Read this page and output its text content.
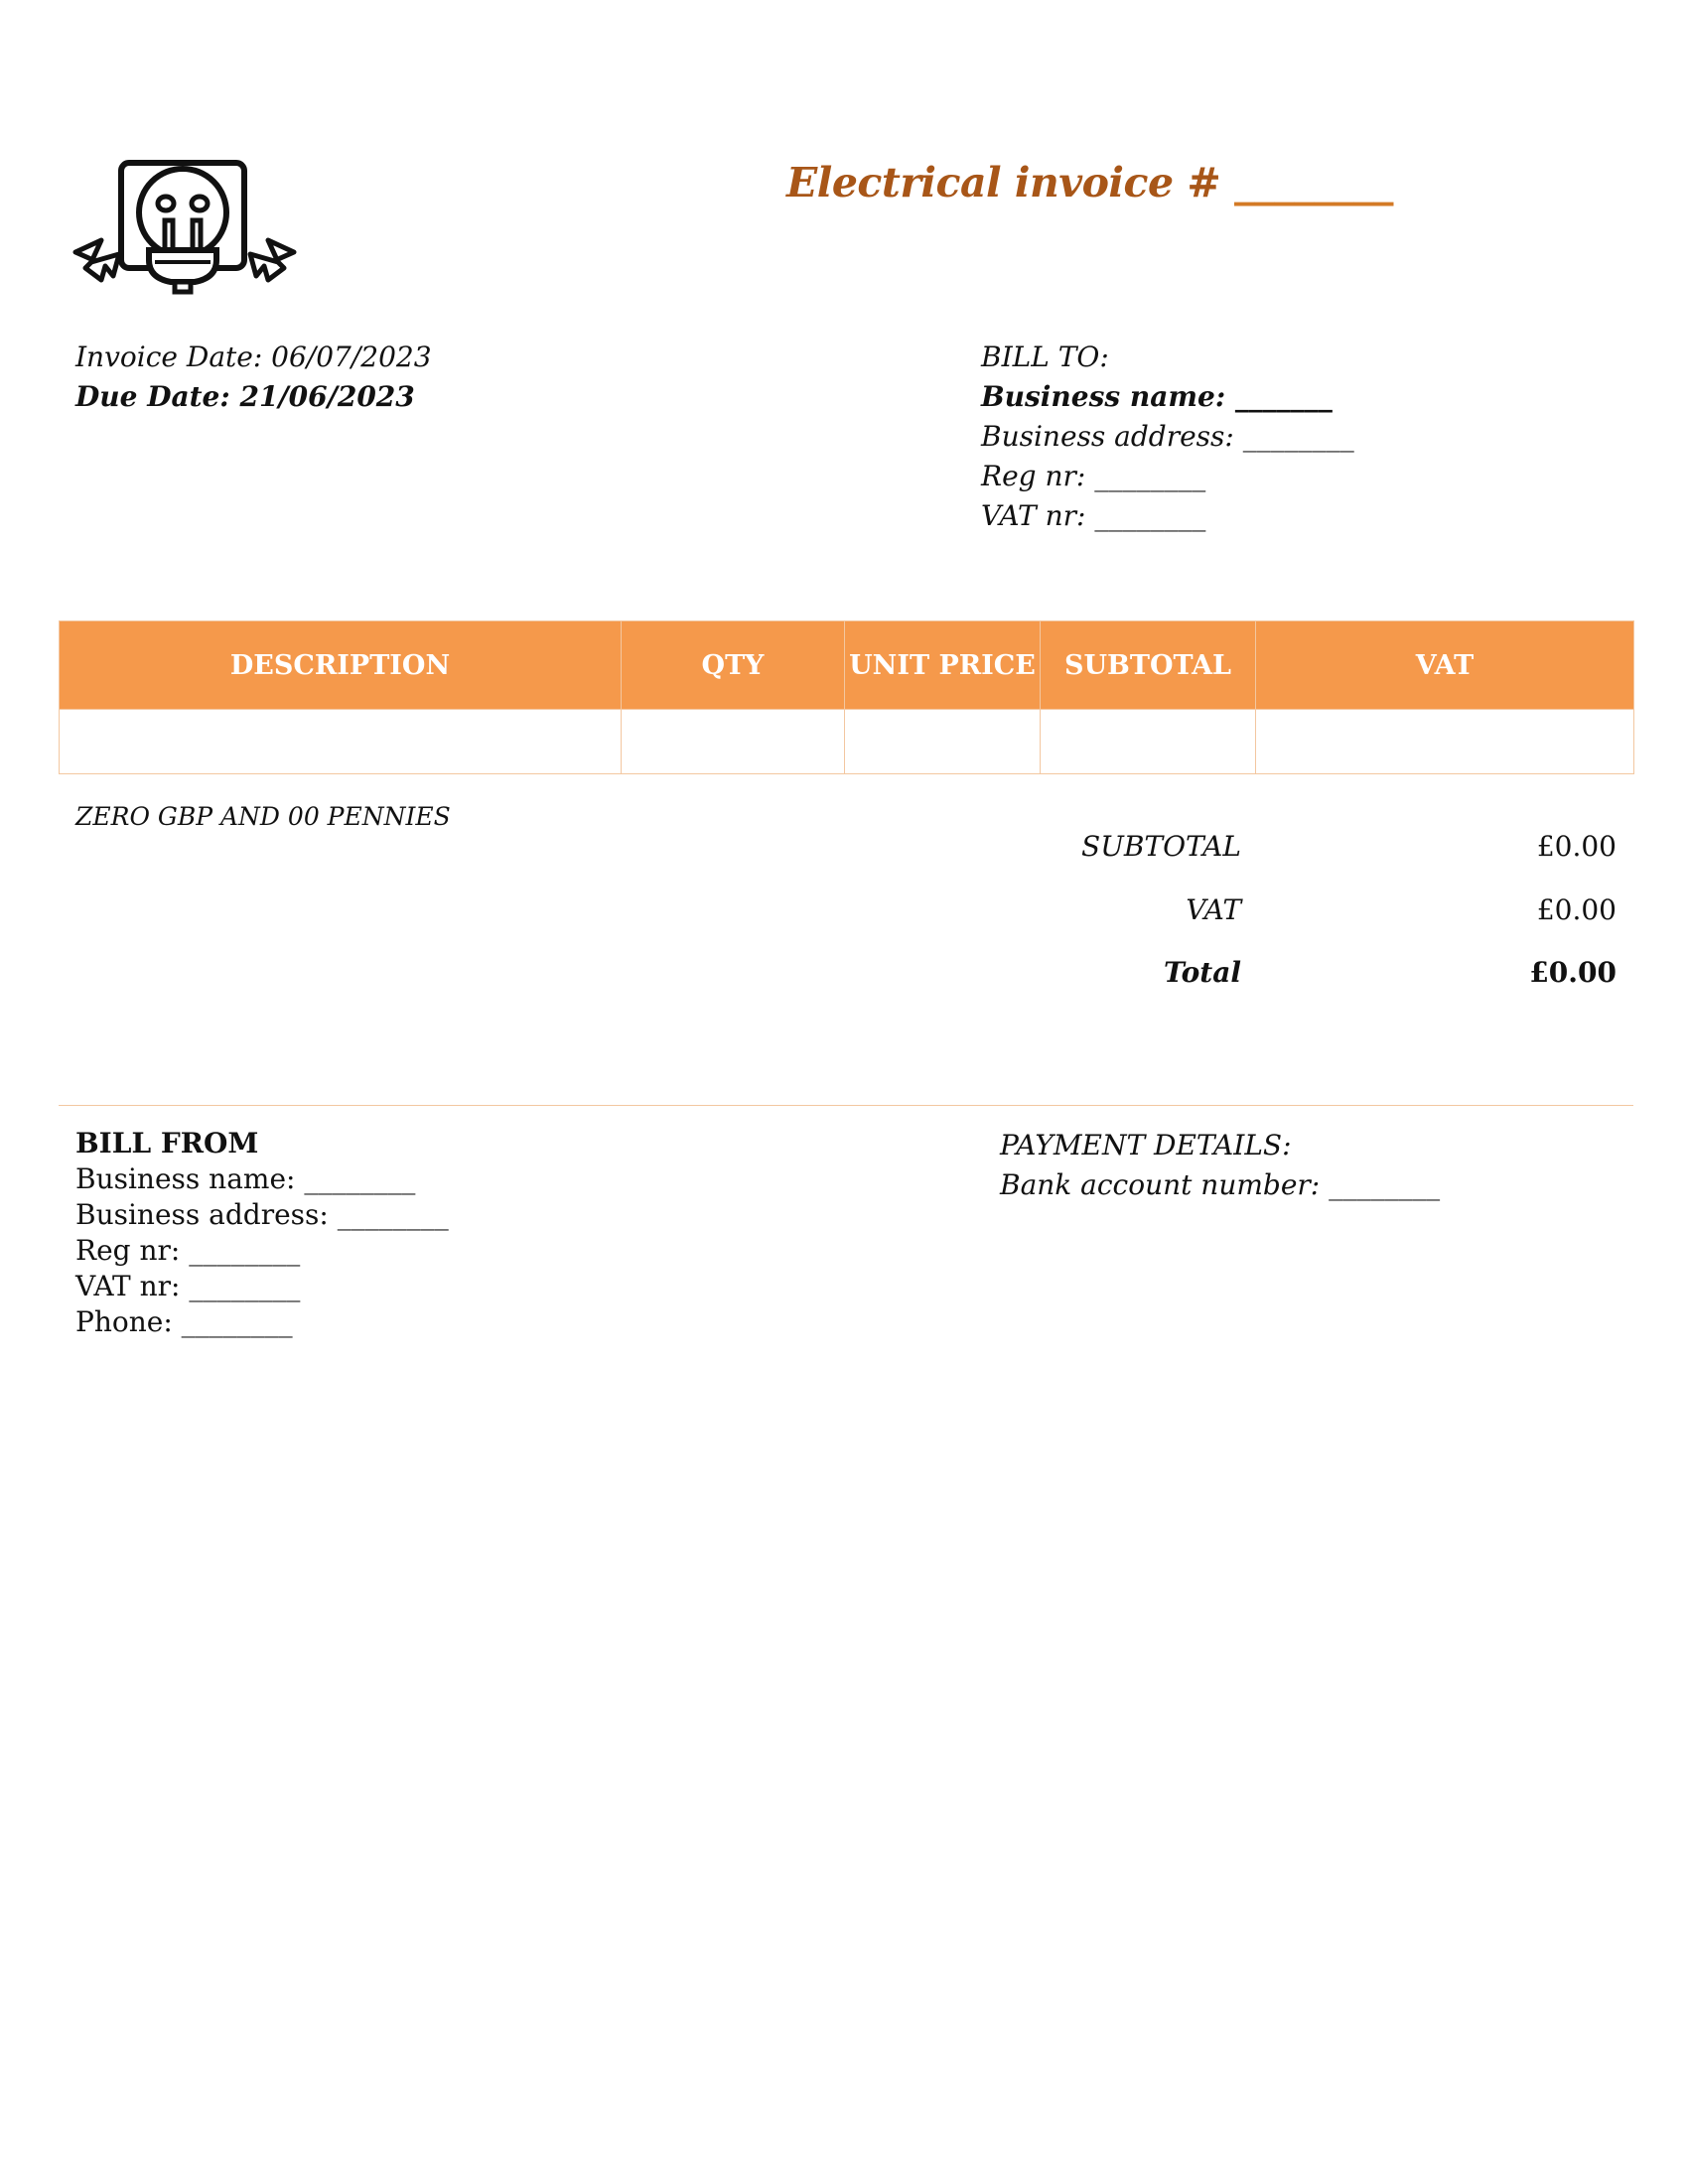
Electrical invoice # ________
Invoice Date: 06/07/2023
Due Date: 21/06/2023
BILL TO:
Business name: _______
Business address: ________
Reg nr: ________
VAT nr: ________
DESCRIPTION	QTY	UNIT PRICE	SUBTOTAL	VAT

ZERO GBP AND 00 PENNIES
SUBTOTAL	£0.00
VAT	£0.00
Total	£0.00
BILL FROM
Business name: ________
Business address: ________
Reg nr: ________
VAT nr: ________
Phone: ________
PAYMENT DETAILS:
Bank account number: ________
